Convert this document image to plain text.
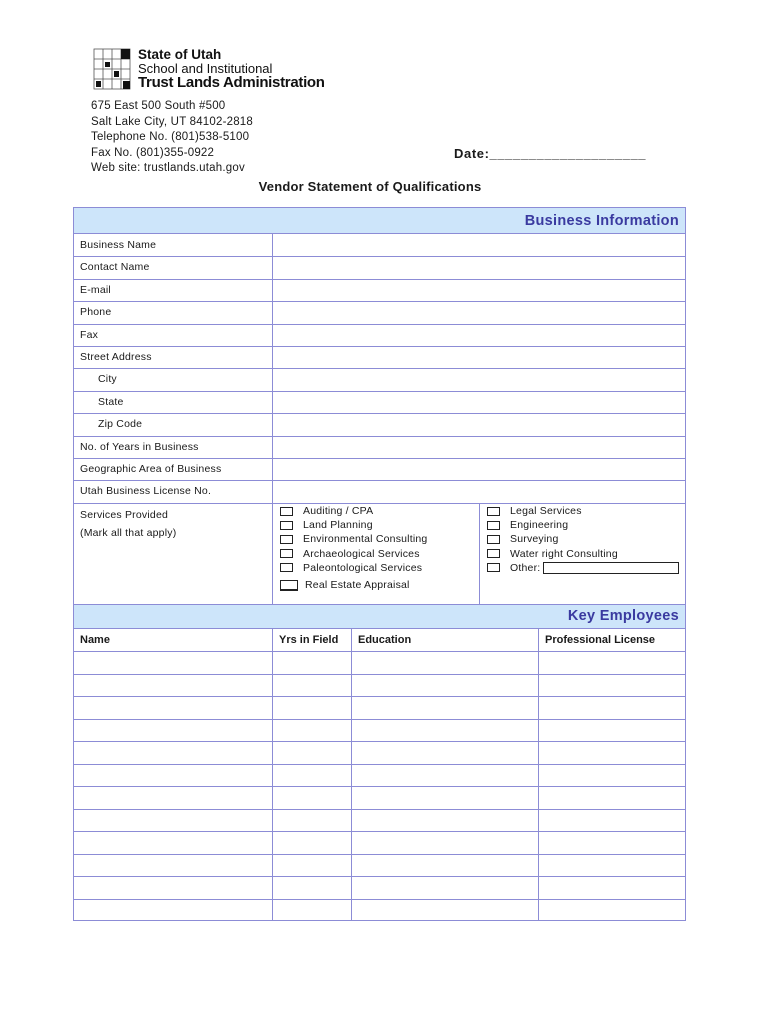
State of Utah
School and Institutional
Trust Lands Administration
675 East 500 South #500
Salt Lake City, UT 84102-2818
Telephone No. (801)538-5100
Fax No. (801)355-0922
Web site: trustlands.utah.gov
Date:____________________
Vendor Statement of Qualifications
Business Information
Business Name
Contact Name
E-mail
Phone
Fax
Street Address
City
State
Zip Code
No. of Years in Business
Geographic Area of Business
Utah Business License No.
Services Provided
(Mark all that apply)
Auditing / CPA
Land Planning
Environmental Consulting
Archaeological Services
Paleontological Services
Real Estate Appraisal
Legal Services
Engineering
Surveying
Water right Consulting
Other:
Key Employees
Name	Yrs in Field Education	Professional License
